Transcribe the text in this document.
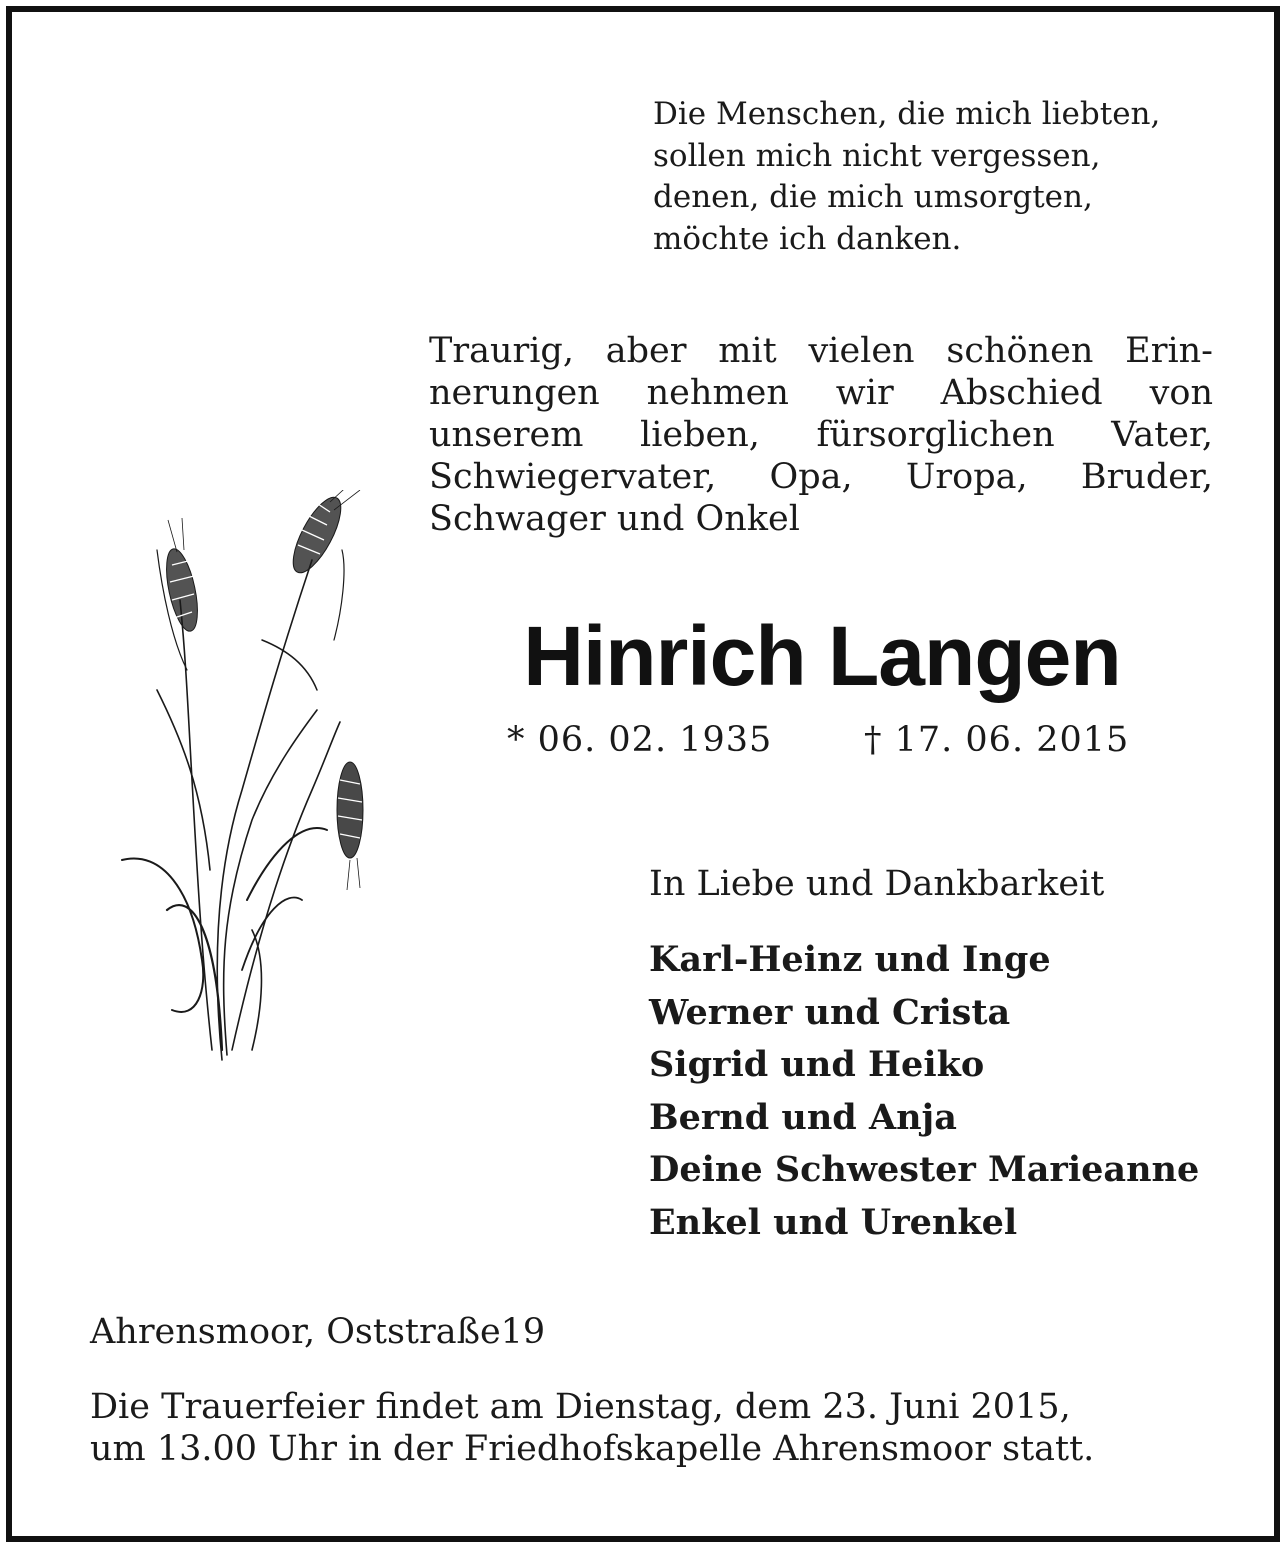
Die Menschen, die mich liebten,
sollen mich nicht vergessen,
denen, die mich umsorgten,
möchte ich danken.
Traurig, aber mit vielen schönen Erin-
nerungen nehmen wir Abschied von
unserem lieben, fürsorglichen Vater,
Schwiegervater, Opa, Uropa, Bruder,
Schwager und Onkel
Hinrich Langen
* 06. 02. 1935	† 17. 06. 2015
In Liebe und Dankbarkeit
Karl-Heinz und Inge
Werner und Crista
Sigrid und Heiko
Bernd und Anja
Deine Schwester Marieanne
Enkel und Urenkel
Ahrensmoor, Oststraße19
Die Trauerfeier findet am Dienstag, dem 23. Juni 2015,
um 13.00 Uhr in der Friedhofskapelle Ahrensmoor statt.
